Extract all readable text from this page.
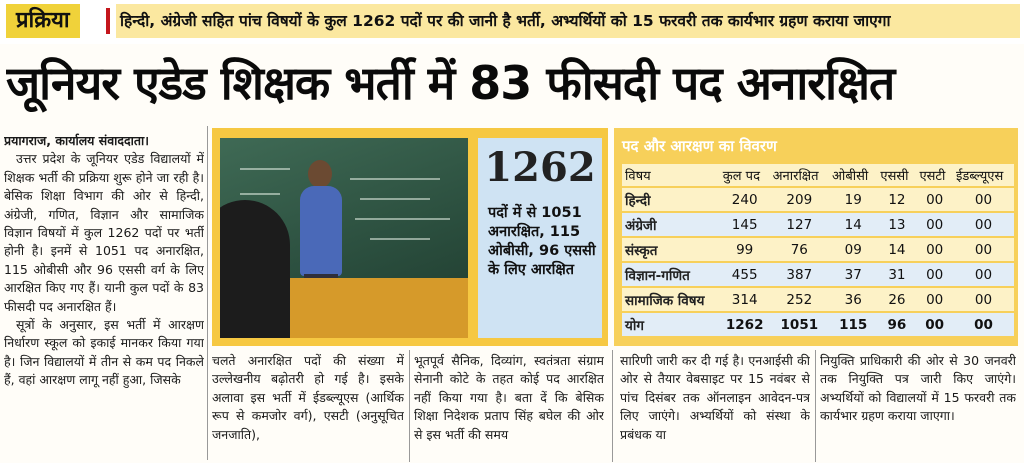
प्रक्रिया	हिन्दी, अंग्रेजी सहित पांच विषयों के कुल 1262 पदों पर की जानी है भर्ती, अभ्यर्थियों को 15 फरवरी तक कार्यभार ग्रहण कराया जाएगा
जूनियर एडेड शिक्षक भर्ती में 83 फीसदी पद अनारक्षित

प्रयागराज, कार्यालय संवाददाता।

उत्तर प्रदेश के जूनियर एडेड विद्यालयों में शिक्षक भर्ती की प्रक्रिया शुरू होने जा रही है। बेसिक शिक्षा विभाग की ओर से हिन्दी, अंग्रेजी, गणित, विज्ञान और सामाजिक विज्ञान विषयों में कुल 1262 पदों पर भर्ती होनी है। इनमें से 1051 पद अनारक्षित, 115 ओबीसी और 96 एससी वर्ग के लिए आरक्षित किए गए हैं। यानी कुल पदों के 83 फीसदी पद अनारक्षित हैं।

सूत्रों के अनुसार, इस भर्ती में आरक्षण निर्धारण स्कूल को इकाई मानकर किया गया है। जिन विद्यालयों में तीन से कम पद निकले हैं, वहां आरक्षण लागू नहीं हुआ, जिसके

1262
पदों में से 1051 अनारक्षित, 115 ओबीसी, 96 एससी के लिए आरक्षित
पद और आरक्षण का विवरण
विषय	कुल पद	अनारक्षित	ओबीसी	एससी	एसटी	ईडब्ल्यूएस
हिन्दी	240	209	19	12	00	00
अंग्रेजी	145	127	14	13	00	00
संस्कृत	99	76	09	14	00	00
विज्ञान-गणित	455	387	37	31	00	00
सामाजिक विषय	314	252	36	26	00	00
योग	1262	1051	115	96	00	00

चलते अनारक्षित पदों की संख्या में उल्लेखनीय बढ़ोतरी हो गई है। इसके अलावा इस भर्ती में ईडब्ल्यूएस (आर्थिक रूप से कमजोर वर्ग), एसटी (अनुसूचित जनजाति),

भूतपूर्व सैनिक, दिव्यांग, स्वतंत्रता संग्राम सेनानी कोटे के तहत कोई पद आरक्षित नहीं किया गया है। बता दें कि बेसिक शिक्षा निदेशक प्रताप सिंह बघेल की ओर से इस भर्ती की समय

सारिणी जारी कर दी गई है। एनआईसी की ओर से तैयार वेबसाइट पर 15 नवंबर से पांच दिसंबर तक ऑनलाइन आवेदन-पत्र लिए जाएंगे। अभ्यर्थियों को संस्था के प्रबंधक या

नियुक्ति प्राधिकारी की ओर से 30 जनवरी तक नियुक्ति पत्र जारी किए जाएंगे। अभ्यर्थियों को विद्यालयों में 15 फरवरी तक कार्यभार ग्रहण कराया जाएगा।
